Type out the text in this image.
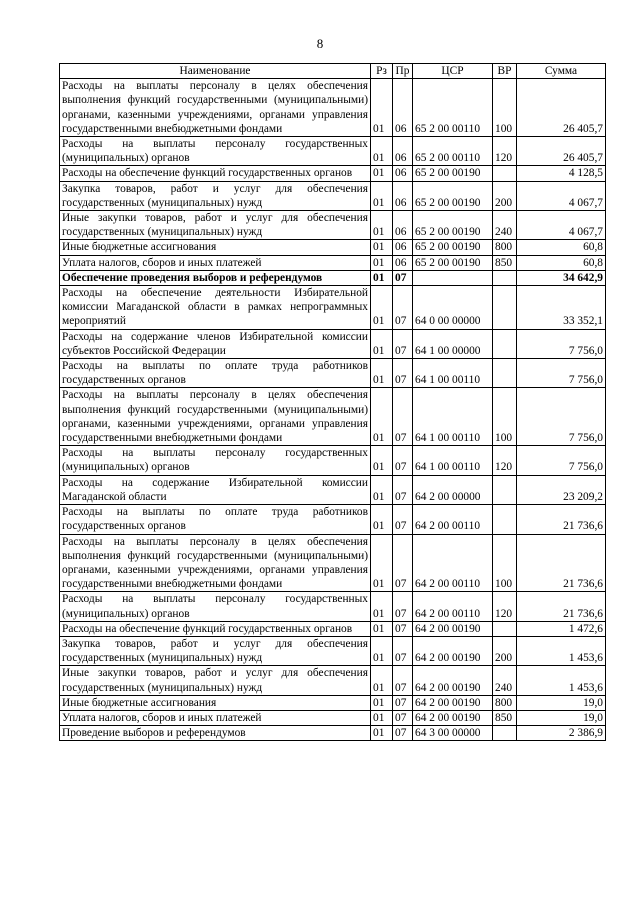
8
Наименование	Рз	Пр	ЦСР	ВР	Сумма
Расходы на выплаты персоналу в целях обеспечения выполнения функций государственными (муниципальными) органами, казенными учреждениями, органами управления государственными внебюджетными фондами	01	06	65 2 00 00110	100	26 405,7
Расходы на выплаты персоналу государственных (муниципальных) органов	01	06	65 2 00 00110	120	26 405,7
Расходы на обеспечение функций государственных органов	01	06	65 2 00 00190		4 128,5
Закупка товаров, работ и услуг для обеспечения государственных (муниципальных) нужд	01	06	65 2 00 00190	200	4 067,7
Иные закупки товаров, работ и услуг для обеспечения государственных (муниципальных) нужд	01	06	65 2 00 00190	240	4 067,7
Иные бюджетные ассигнования	01	06	65 2 00 00190	800	60,8
Уплата налогов, сборов и иных платежей	01	06	65 2 00 00190	850	60,8
Обеспечение проведения выборов и референдумов	01	07			34 642,9
Расходы на обеспечение деятельности Избирательной комиссии Магаданской области в рамках непрограммных мероприятий	01	07	64 0 00 00000		33 352,1
Расходы на содержание членов Избирательной комиссии субъектов Российской Федерации	01	07	64 1 00 00000		7 756,0
Расходы на выплаты по оплате труда работников государственных органов	01	07	64 1 00 00110		7 756,0
Расходы на выплаты персоналу в целях обеспечения выполнения функций государственными (муниципальными) органами, казенными учреждениями, органами управления государственными внебюджетными фондами	01	07	64 1 00 00110	100	7 756,0
Расходы на выплаты персоналу государственных (муниципальных) органов	01	07	64 1 00 00110	120	7 756,0
Расходы на содержание Избирательной комиссии Магаданской области	01	07	64 2 00 00000		23 209,2
Расходы на выплаты по оплате труда работников государственных органов	01	07	64 2 00 00110		21 736,6
Расходы на выплаты персоналу в целях обеспечения выполнения функций государственными (муниципальными) органами, казенными учреждениями, органами управления государственными внебюджетными фондами	01	07	64 2 00 00110	100	21 736,6
Расходы на выплаты персоналу государственных (муниципальных) органов	01	07	64 2 00 00110	120	21 736,6
Расходы на обеспечение функций государственных органов	01	07	64 2 00 00190		1 472,6
Закупка товаров, работ и услуг для обеспечения государственных (муниципальных) нужд	01	07	64 2 00 00190	200	1 453,6
Иные закупки товаров, работ и услуг для обеспечения государственных (муниципальных) нужд	01	07	64 2 00 00190	240	1 453,6
Иные бюджетные ассигнования	01	07	64 2 00 00190	800	19,0
Уплата налогов, сборов и иных платежей	01	07	64 2 00 00190	850	19,0
Проведение выборов и референдумов	01	07	64 3 00 00000		2 386,9
